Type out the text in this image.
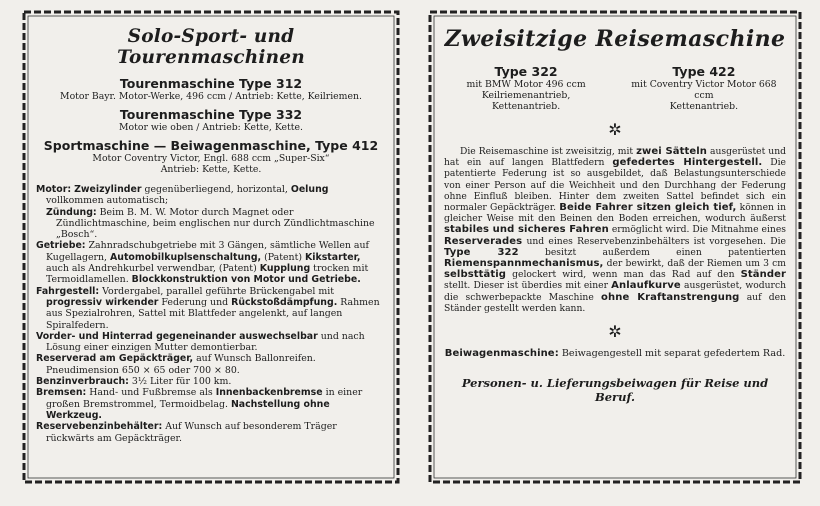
Solo-Sport- und Tourenmaschinen

Tourenmaschine Type 312
Motor Bayr. Motor-Werke, 496 ccm ∕ Antrieb: Kette, Keilriemen.
Tourenmaschine Type 332
Motor wie oben ∕ Antrieb: Kette, Kette.
Sportmaschine — Beiwagenmaschine, Type 412
Motor Coventry Victor, Engl. 688 ccm „Super-Six“
Antrieb: Kette, Kette.

Motor: Zweizylinder gegenüberliegend, horizontal, Oelung vollkommen automatisch;

Zündung: Beim B. M. W. Motor durch Magnet oder Zündlichtmaschine, beim englischen nur durch Zündlichtmaschine „Bosch“.

Getriebe: Zahnradschubgetriebe mit 3 Gängen, sämtliche Wellen auf Kugellagern, Automobilkuplsenschaltung, (Patent) Kikstarter, auch als Andrehkurbel verwendbar, (Patent) Kupplung trocken mit Termoidlamellen. Blockkonstruktion von Motor und Getriebe.

Fahrgestell: Vordergabel, parallel geführte Brückengabel mit progressiv wirkender Federung und Rückstoßdämpfung. Rahmen aus Spezialrohren, Sattel mit Blattfeder angelenkt, auf langen Spiralfedern.

Vorder- und Hinterrad gegeneinander auswechselbar und nach Lösung einer einzigen Mutter demontierbar.

Reserverad am Gepäckträger, auf Wunsch Ballonreifen. Pneudimension 650 × 65 oder 700 × 80.

Benzinverbrauch: 3½ Liter für 100 km.

Bremsen: Hand- und Fußbremse als Innenbackenbremse in einer großen Bremstrommel, Termoidbelag. Nachstellung ohne Werkzeug.

Reservebenzinbehälter: Auf Wunsch auf besonderem Träger rückwärts am Gepäckträger.

Zweisitzige Reisemaschine

Type 322
mit BMW Motor 496 ccm
Keilriemenantrieb,
Kettenantrieb.
Type 422
mit Coventry Victor Motor 668 ccm
Kettenantrieb.
✲

Die Reisemaschine ist zweisitzig, mit zwei Sätteln ausgerüstet und hat ein auf langen Blattfedern gefedertes Hintergestell. Die patentierte Federung ist so ausgebildet, daß Belastungsunterschiede von einer Person auf die Weichheit und den Durchhang der Federung ohne Einfluß bleiben. Hinter dem zweiten Sattel befindet sich ein normaler Gepäckträger. Beide Fahrer sitzen gleich tief, können in gleicher Weise mit den Beinen den Boden erreichen, wodurch äußerst stabiles und sicheres Fahren ermöglicht wird. Die Mitnahme eines Reserverades und eines Reservebenzinbehälters ist vorgesehen. Die Type 322	besitzt außerdem einen patentierten Riemenspannmechanismus, der bewirkt, daß der Riemen um 3 cm selbsttätig gelockert wird, wenn man das Rad auf den Ständer stellt. Dieser ist überdies mit einer Anlaufkurve ausgerüstet, wodurch die schwerbepackte Maschine ohne Kraftanstrengung auf den Ständer gestellt werden kann.

✲
Beiwagenmaschine: Beiwagengestell mit separat gefedertem Rad.
Personen- u. Lieferungsbeiwagen für Reise und Beruf.
